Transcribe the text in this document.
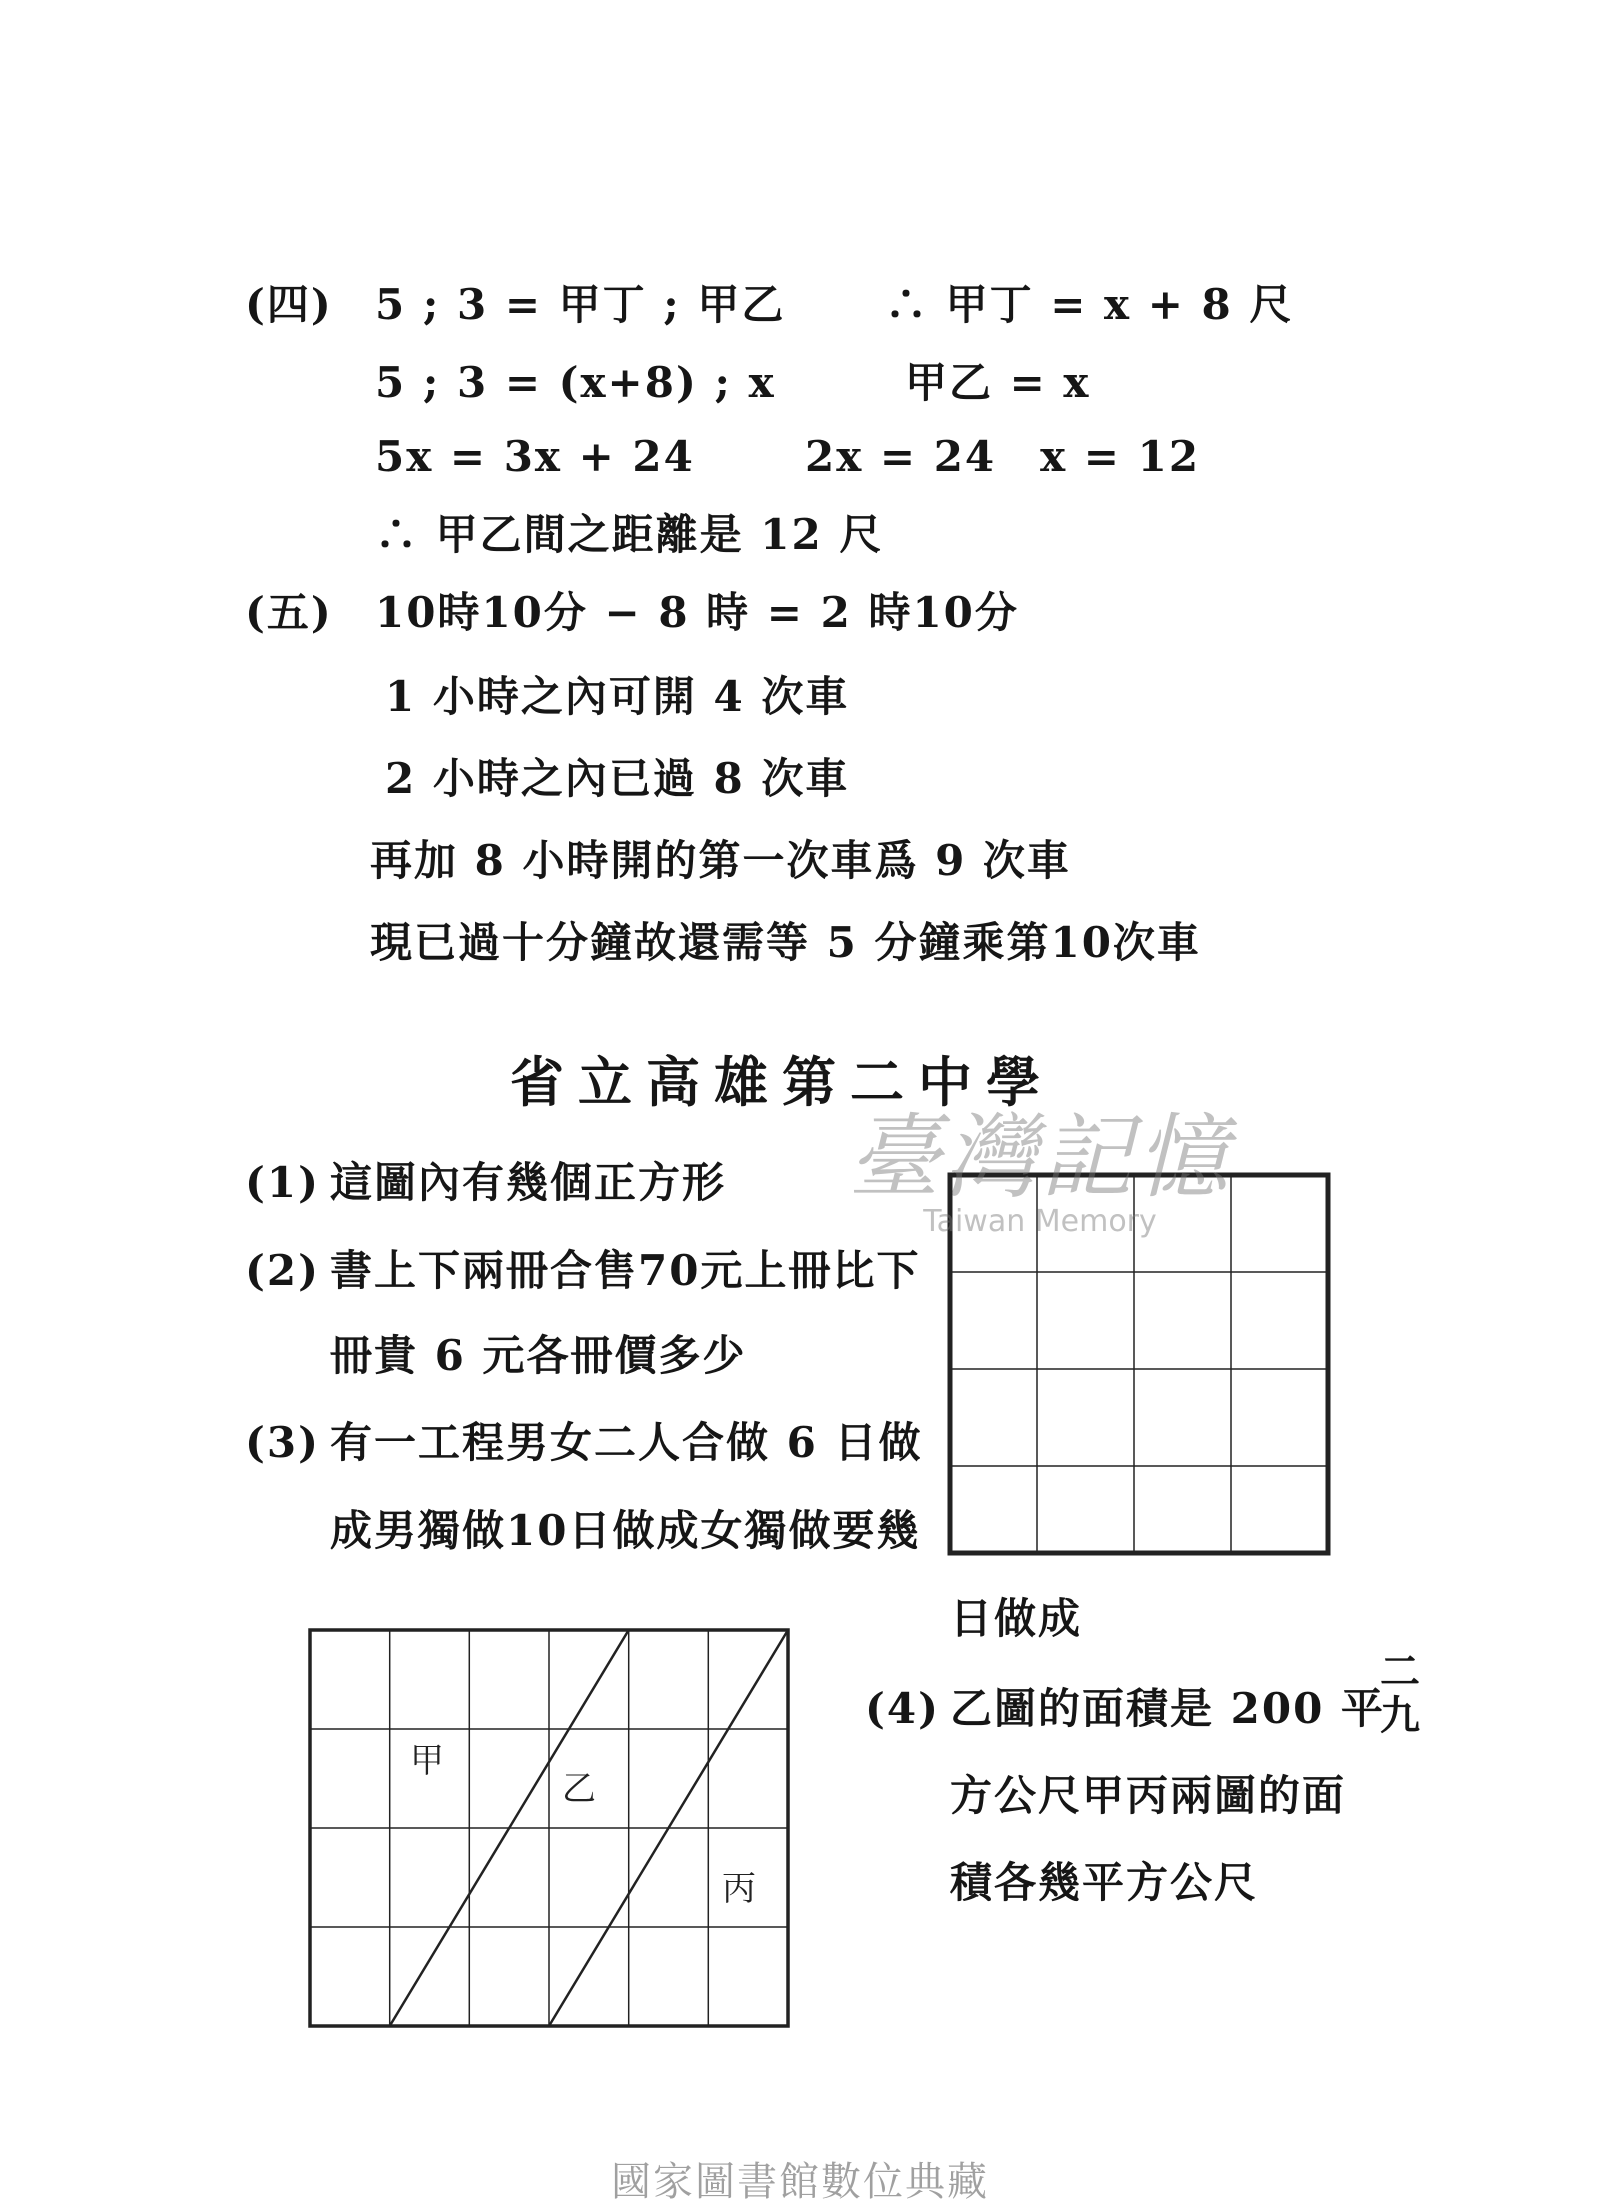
(四) 5 ; 3 = 甲丁 ; 甲乙 ∴ 甲丁 = x + 8 尺
5 ; 3 = (x+8) ; x	甲乙 = x
5x = 3x + 24	2x = 24　x = 12
∴ 甲乙間之距離是 12 尺
(五) 10時10分 − 8 時 = 2 時10分
1 小時之內可開 4 次車
2 小時之內已過 8 次車
再加 8 小時開的第一次車爲 9 次車
現已過十分鐘故還需等 5 分鐘乘第10次車
省立高雄第二中學
(1) 這圖內有幾個正方形
(2) 書上下兩冊合售70元上冊比下
冊貴 6 元各冊價多少
(3) 有一工程男女二人合做 6 日做
成男獨做10日做成女獨做要幾
日做成
(4) 乙圖的面積是 200 平
方公尺甲丙兩圖的面
積各幾平方公尺
甲
乙
丙
二九
臺灣記憶
Taiwan Memory
國家圖書館數位典藏
